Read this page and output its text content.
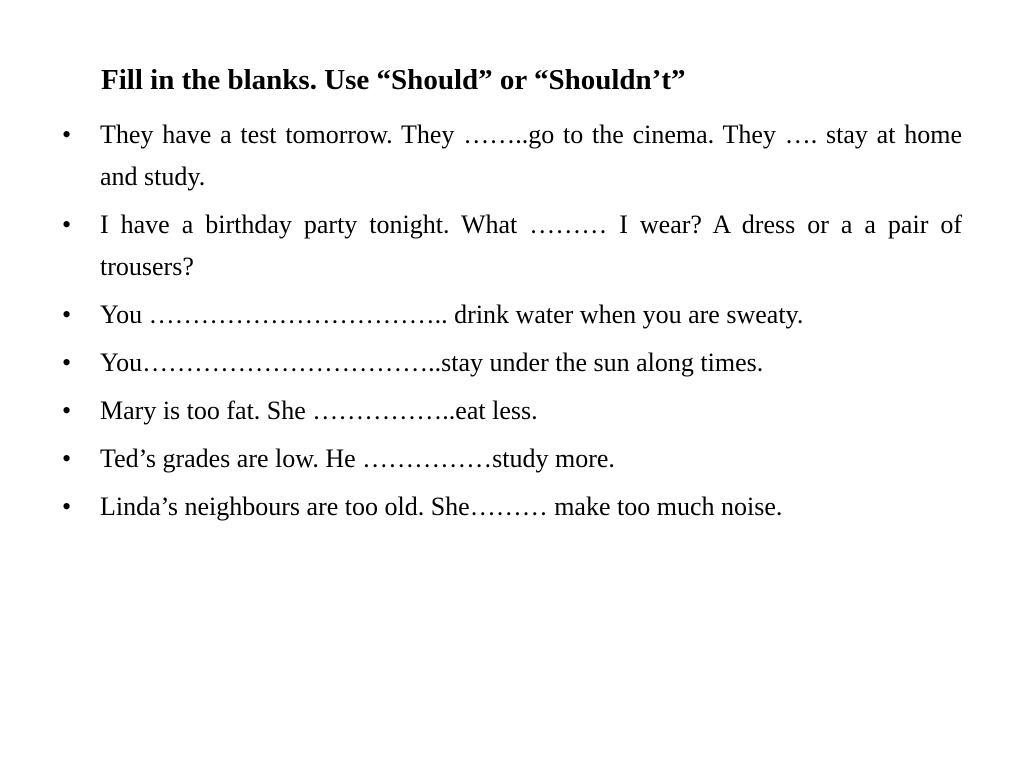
Fill in the blanks. Use “Should” or “Shouldn’t”
• They have a test tomorrow. They ……..go to the cinema. They …. stay at home and study.
• I have a birthday party tonight. What ……… I wear? A dress or a a pair of trousers?
• You …………………………….. drink water when you are sweaty.
• You……………………………..stay under the sun along times.
• Mary is too fat. She ……………..eat less.
• Ted’s grades are low. He ……………study more.
• Linda’s neighbours are too old. She……… make too much noise.
